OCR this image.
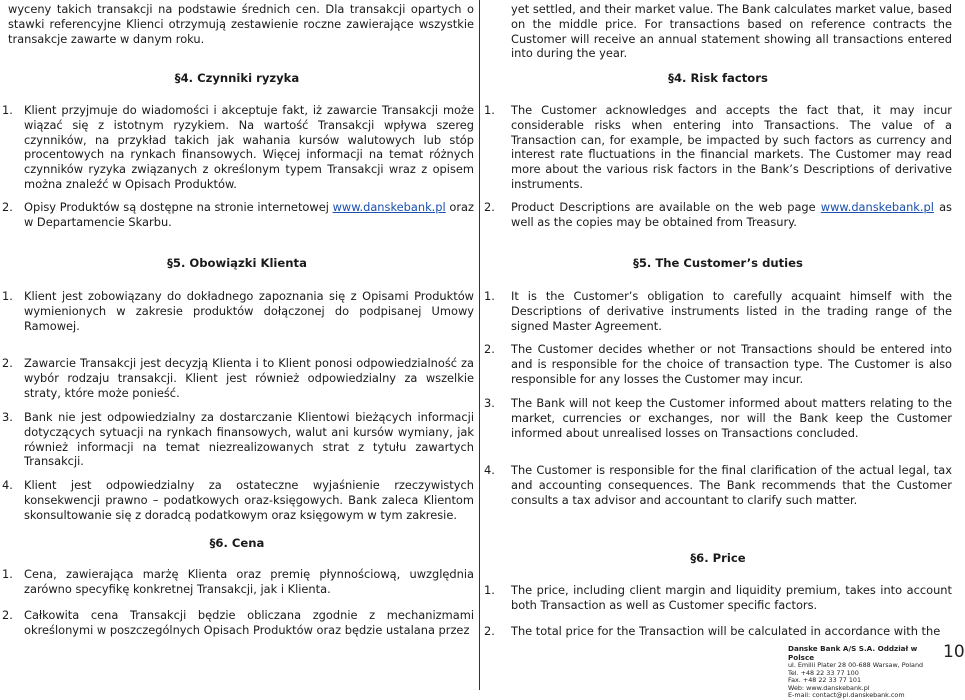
wyceny takich transakcji na podstawie średnich cen. Dla transakcji opartych o stawki referencyjne Klienci otrzymują zestawienie roczne zawierające wszystkie transakcje zawarte w danym roku.
§4. Czynniki ryzyka
1. Klient przyjmuje do wiadomości i akceptuje fakt, iż zawarcie Transakcji może wiązać się z istotnym ryzykiem. Na wartość Transakcji wpływa szereg czynników, na przykład takich jak wahania kursów walutowych lub stóp procentowych na rynkach finansowych. Więcej informacji na temat różnych czynników ryzyka związanych z określonym typem Transakcji wraz z opisem można znaleźć w Opisach Produktów.
2. Opisy Produktów są dostępne na stronie internetowej www.danskebank.pl oraz w Departamencie Skarbu.
§5. Obowiązki Klienta
1. Klient jest zobowiązany do dokładnego zapoznania się z Opisami Produktów wymienionych w zakresie produktów dołączonej do podpisanej Umowy Ramowej.
2. Zawarcie Transakcji jest decyzją Klienta i to Klient ponosi odpowiedzialność za wybór rodzaju transakcji. Klient jest również odpowiedzialny za wszelkie straty, które może ponieść.
3. Bank nie jest odpowiedzialny za dostarczanie Klientowi bieżących informacji dotyczących sytuacji na rynkach finansowych, walut ani kursów wymiany, jak również informacji na temat niezrealizowanych strat z tytułu zawartych Transakcji.
4. Klient jest odpowiedzialny za ostateczne wyjaśnienie rzeczywistych konsekwencji prawno – podatkowych oraz-księgowych. Bank zaleca Klientom skonsultowanie się z doradcą podatkowym oraz księgowym w tym zakresie.
§6. Cena
1. Cena, zawierająca marżę Klienta oraz premię płynnościową, uwzględnia zarówno specyfikę konkretnej Transakcji, jak i Klienta.
2. Całkowita cena Transakcji będzie obliczana zgodnie z mechanizmami określonymi w poszczególnych Opisach Produktów oraz będzie ustalana przez
yet settled, and their market value. The Bank calculates market value, based on the middle price. For transactions based on reference contracts the Customer will receive an annual statement showing all transactions entered into during the year.
§4. Risk factors
1.	The Customer acknowledges and accepts the fact that, it may incur considerable risks when entering into Transactions. The value of a Transaction can, for example, be impacted by such factors as currency and interest rate fluctuations in the financial markets. The Customer may read more about the various risk factors in the Bank’s Descriptions of derivative instruments.
2.	Product Descriptions are available on the web page www.danskebank.pl as well as the copies may be obtained from Treasury.
§5. The Customer’s duties
1.	It is the Customer’s obligation to carefully acquaint himself with the Descriptions of derivative instruments listed in the trading range of the signed Master Agreement.
2.	The Customer decides whether or not Transactions should be entered into and is responsible for the choice of transaction type. The Customer is also responsible for any losses the Customer may incur.
3.	The Bank will not keep the Customer informed about matters relating to the market, currencies or exchanges, nor will the Bank keep the Customer informed about unrealised losses on Transactions concluded.
4.	The Customer is responsible for the final clarification of the actual legal, tax and accounting consequences. The Bank recommends that the Customer consults a tax advisor and accountant to clarify such matter.
§6. Price
1.	The price, including client margin and liquidity premium, takes into account both Transaction as well as Customer specific factors.
2.	The total price for the Transaction will be calculated in accordance with the
Danske Bank A/S S.A. Oddział w Polsce
ul. Emilii Plater 28 00-688 Warsaw, Poland
Tel. +48 22 33 77 100
Fax. +48 22 33 77 101
Web: www.danskebank.pl
E-mail: contact@pl.danskebank.com
10
